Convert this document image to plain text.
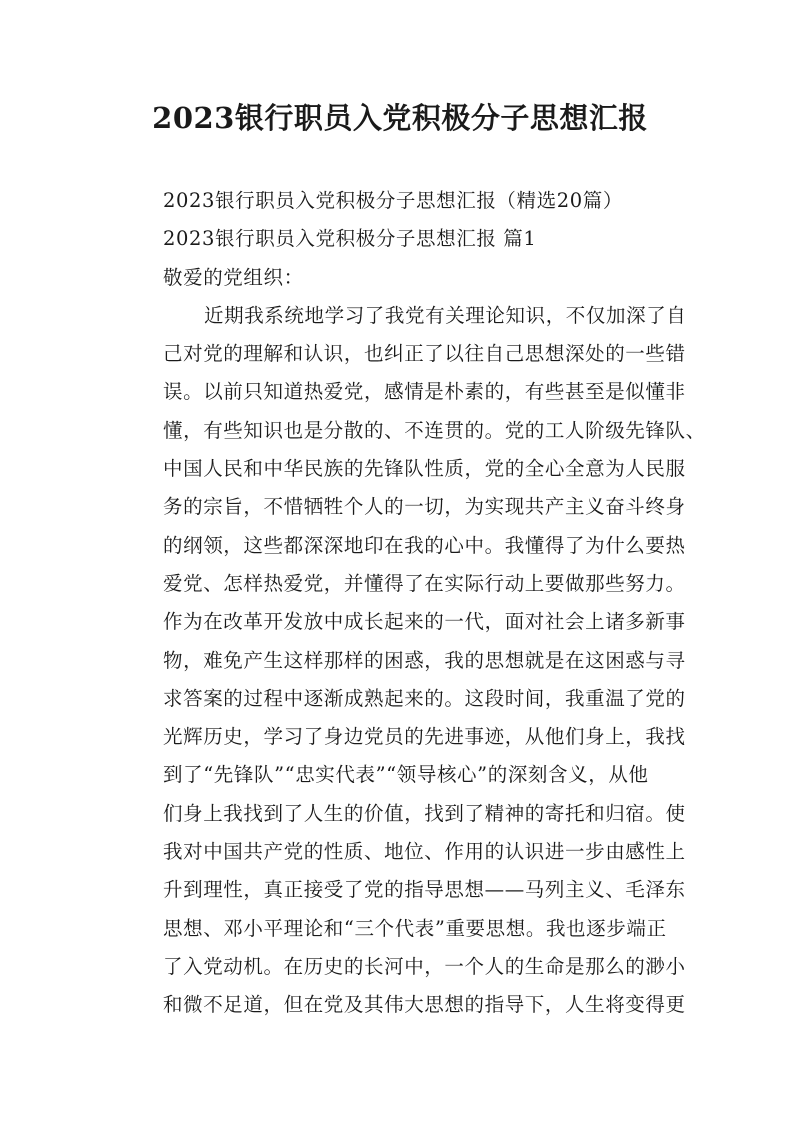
2023银行职员入党积极分子思想汇报
2023银行职员入党积极分子思想汇报（精选20篇）
2023银行职员入党积极分子思想汇报 篇1
敬爱的党组织：
近期我系统地学习了我党有关理论知识，不仅加深了自
己对党的理解和认识，也纠正了以往自己思想深处的一些错
误。以前只知道热爱党，感情是朴素的，有些甚至是似懂非
懂，有些知识也是分散的、不连贯的。党的工人阶级先锋队、
中国人民和中华民族的先锋队性质，党的全心全意为人民服
务的宗旨，不惜牺牲个人的一切，为实现共产主义奋斗终身
的纲领，这些都深深地印在我的心中。我懂得了为什么要热
爱党、怎样热爱党，并懂得了在实际行动上要做那些努力。
作为在改革开发放中成长起来的一代，面对社会上诸多新事
物，难免产生这样那样的困惑，我的思想就是在这困惑与寻
求答案的过程中逐渐成熟起来的。这段时间，我重温了党的
光辉历史，学习了身边党员的先进事迹，从他们身上，我找
到了“先锋队”“忠实代表”“领导核心”的深刻含义，从他
们身上我找到了人生的价值，找到了精神的寄托和归宿。使
我对中国共产党的性质、地位、作用的认识进一步由感性上
升到理性，真正接受了党的指导思想——马列主义、毛泽东
思想、邓小平理论和“三个代表”重要思想。我也逐步端正
了入党动机。在历史的长河中，一个人的生命是那么的渺小
和微不足道，但在党及其伟大思想的指导下，人生将变得更
